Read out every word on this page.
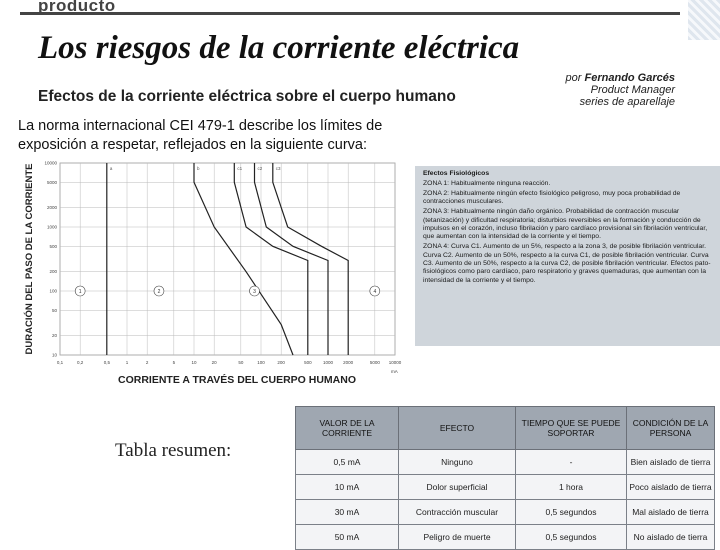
producto
Los riesgos de la corriente eléctrica
Efectos de la corriente eléctrica sobre el cuerpo humano
por Fernando Garcés
Product Manager
series de aparellaje
La norma internacional CEI 479-1 describe los límites de exposición a respetar, reflejados en la siguiente curva:
0,1	0,2	0,5	1	2	5	10	20	50	100	200	500	1000 2000	5000 10000
10000
5000
2000
1000
500
200
100
50
20
10
a	b	c1	c2	c3
1	2	3	4
DURACIÓN DEL PASO DE LA CORRIENTE
CORRIENTE A TRAVÉS DEL CUERPO HUMANO
mA

Efectos Fisiológicos

ZONA 1: Habitualmente ninguna reacción.

ZONA 2: Habitualmente ningún efecto fisiológico peligroso, muy poca probabilidad de contracciones musculares.

ZONA 3: Habitualmente ningún daño orgánico. Probabilidad de contracción muscular (tetanización) y dificultad respiratoria; disturbios reversibles en la formación y conducción de impulsos en el corazón, incluso fibrilación y paro cardíaco provisional sin fibrilación ventricular, que aumentan con la intensidad de la corriente y el tiempo.

ZONA 4: Curva C1. Aumento de un 5%, respecto a la zona 3, de posible fibrilación ventricular. Curva C2. Aumento de un 50%, respecto a la curva C1, de posible fibrilación ventricular. Curva C3. Aumento de un 50%, respecto a la curva C2, de posible fibrilación ventricular. Efectos pato-fisiológicos como paro cardíaco, paro respiratorio y graves quemaduras, que aumentan con la intensidad de la corriente y el tiempo.

Tabla resumen:
VALOR DE LA CORRIENTE	EFECTO	TIEMPO QUE SE PUEDE SOPORTAR	CONDICIÓN DE LA PERSONA
0,5 mA	Ninguno	-	Bien aislado de tierra
10 mA	Dolor superficial	1 hora	Poco aislado de tierra
30 mA	Contracción muscular	0,5 segundos	Mal aislado de tierra
50 mA	Peligro de muerte	0,5 segundos	No aislado de tierra
